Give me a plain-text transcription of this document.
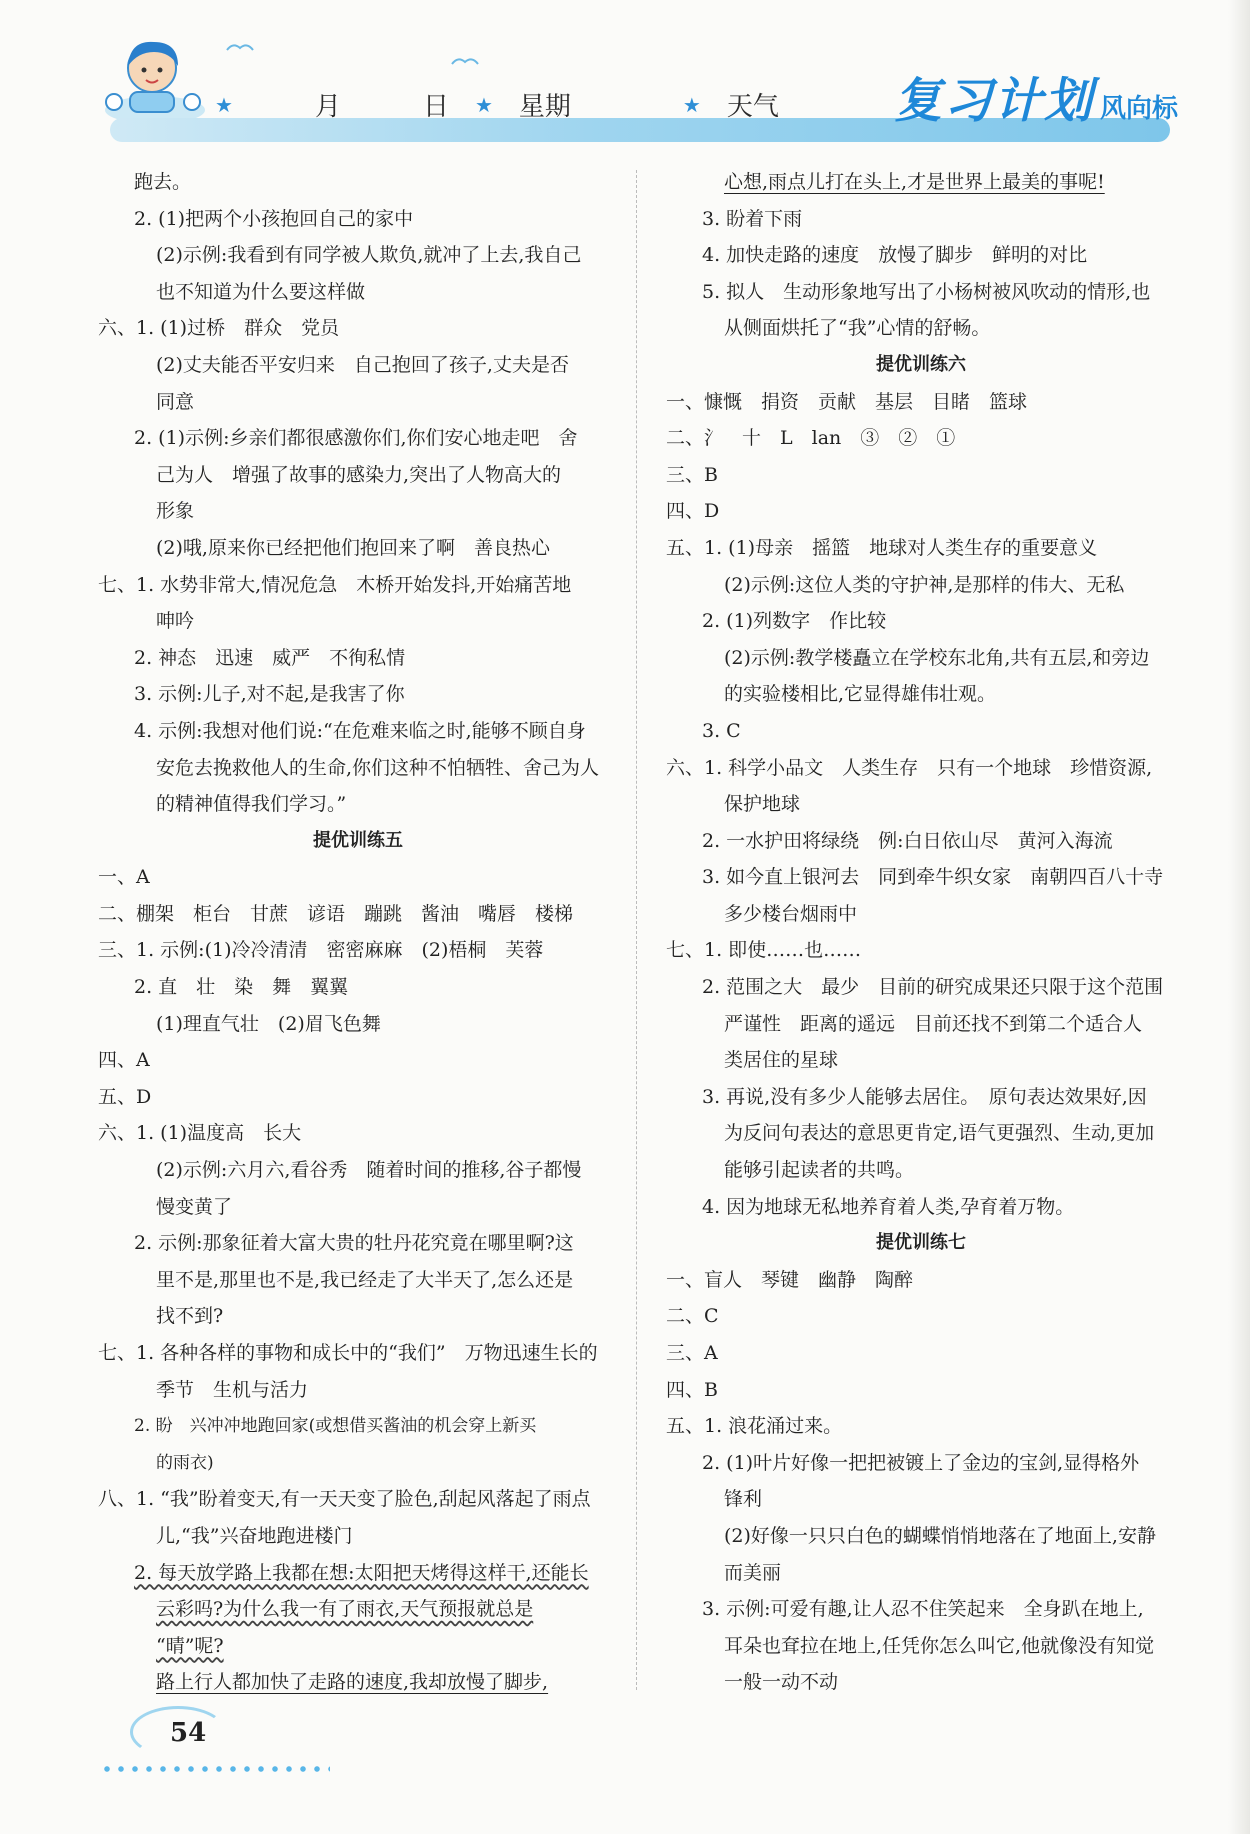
★	月	日 ★ 星期	★ 天气 复习计划 风向标
跑去。
2. (1)把两个小孩抱回自己的家中
(2)示例:我看到有同学被人欺负,就冲了上去,我自己
也不知道为什么要这样做
六、1. (1)过桥　群众　党员
(2)丈夫能否平安归来　自己抱回了孩子,丈夫是否
同意
2. (1)示例:乡亲们都很感激你们,你们安心地走吧　舍
己为人　增强了故事的感染力,突出了人物高大的
形象
(2)哦,原来你已经把他们抱回来了啊　善良热心
七、1. 水势非常大,情况危急　木桥开始发抖,开始痛苦地
呻吟
2. 神态　迅速　威严　不徇私情
3. 示例:儿子,对不起,是我害了你
4. 示例:我想对他们说:“在危难来临之时,能够不顾自身
安危去挽救他人的生命,你们这种不怕牺牲、舍己为人
的精神值得我们学习。”
提优训练五
一、A
二、棚架　柜台　甘蔗　谚语　蹦跳　酱油　嘴唇　楼梯
三、1. 示例:(1)冷冷清清　密密麻麻　(2)梧桐　芙蓉
2. 直　壮　染　舞　翼翼
(1)理直气壮　(2)眉飞色舞
四、A
五、D
六、1. (1)温度高　长大
(2)示例:六月六,看谷秀　随着时间的推移,谷子都慢
慢变黄了
2. 示例:那象征着大富大贵的牡丹花究竟在哪里啊?这
里不是,那里也不是,我已经走了大半天了,怎么还是
找不到?
七、1. 各种各样的事物和成长中的“我们”　万物迅速生长的
季节　生机与活力
2. 盼　兴冲冲地跑回家(或想借买酱油的机会穿上新买
的雨衣)
八、1. “我”盼着变天,有一天天变了脸色,刮起风落起了雨点
儿,“我”兴奋地跑进楼门
2. 每天放学路上我都在想:太阳把天烤得这样干,还能长
云彩吗?为什么我一有了雨衣,天气预报就总是
“晴”呢?
路上行人都加快了走路的速度,我却放慢了脚步,
心想,雨点儿打在头上,才是世界上最美的事呢!
3. 盼着下雨
4. 加快走路的速度　放慢了脚步　鲜明的对比
5. 拟人　生动形象地写出了小杨树被风吹动的情形,也
从侧面烘托了“我”心情的舒畅。
提优训练六
一、慷慨　捐资　贡献　基层　目睹　篮球
二、氵　十　L　lan　③　②　①
三、B
四、D
五、1. (1)母亲　摇篮　地球对人类生存的重要意义
(2)示例:这位人类的守护神,是那样的伟大、无私
2. (1)列数字　作比较
(2)示例:教学楼矗立在学校东北角,共有五层,和旁边
的实验楼相比,它显得雄伟壮观。
3. C
六、1. 科学小品文　人类生存　只有一个地球　珍惜资源,
保护地球
2. 一水护田将绿绕　例:白日依山尽　黄河入海流
3. 如今直上银河去　同到牵牛织女家　南朝四百八十寺
多少楼台烟雨中
七、1. 即使……也……
2. 范围之大　最少　目前的研究成果还只限于这个范围
严谨性　距离的遥远　目前还找不到第二个适合人
类居住的星球
3. 再说,没有多少人能够去居住。　原句表达效果好,因
为反问句表达的意思更肯定,语气更强烈、生动,更加
能够引起读者的共鸣。
4. 因为地球无私地养育着人类,孕育着万物。
提优训练七
一、盲人　琴键　幽静　陶醉
二、C
三、A
四、B
五、1. 浪花涌过来。
2. (1)叶片好像一把把被镀上了金边的宝剑,显得格外
锋利
(2)好像一只只白色的蝴蝶悄悄地落在了地面上,安静
而美丽
3. 示例:可爱有趣,让人忍不住笑起来　全身趴在地上,
耳朵也耷拉在地上,任凭你怎么叫它,他就像没有知觉
一般一动不动
54
